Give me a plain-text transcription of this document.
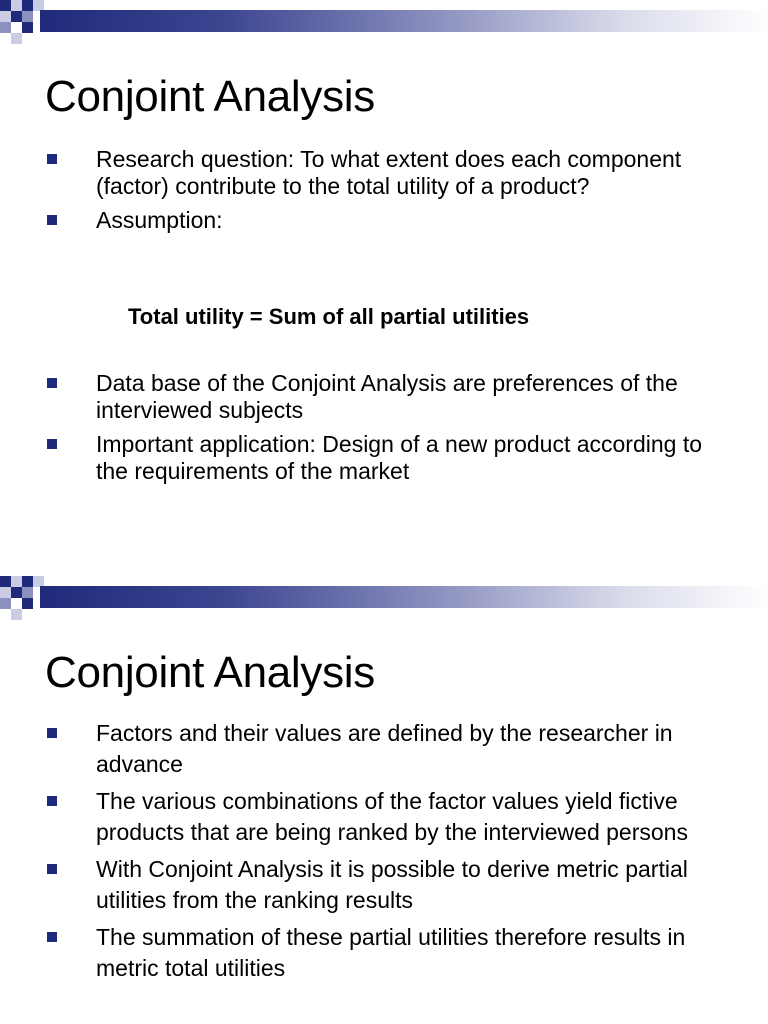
Conjoint Analysis
Research question: To what extent does each component (factor) contribute to the total utility of a product?
Assumption:
Total utility = Sum of all partial utilities
Data base of the Conjoint Analysis are preferences of the interviewed subjects
Important application: Design of a new product according to the requirements of the market
Conjoint Analysis
Factors and their values are defined by the researcher in advance
The various combinations of the factor values yield fictive products that are being ranked by the interviewed persons
With Conjoint Analysis it is possible to derive metric partial utilities from the ranking results
The summation of these partial utilities therefore results in metric total utilities
